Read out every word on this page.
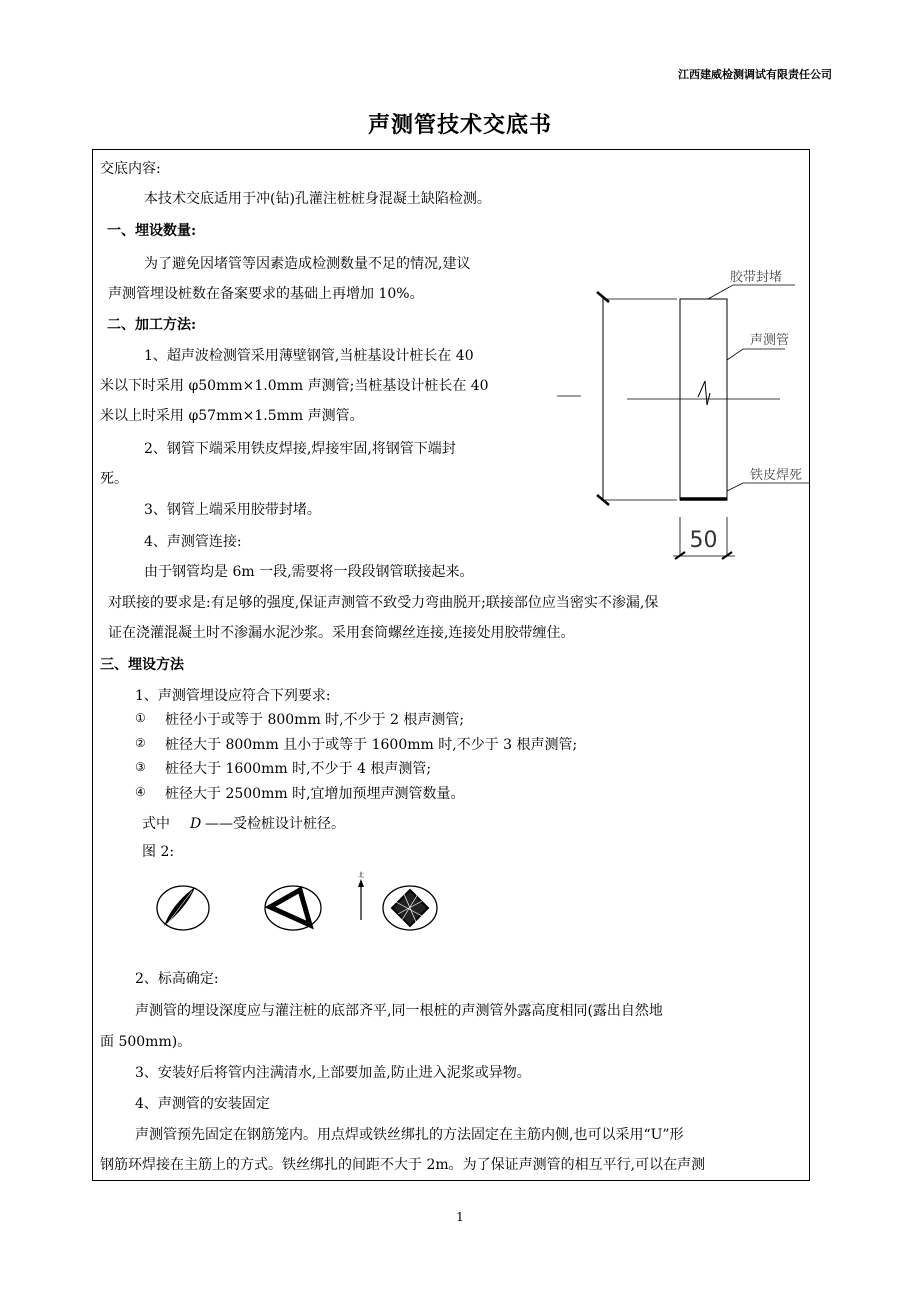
江西建威检测调试有限责任公司
声测管技术交底书
交底内容:
本技术交底适用于冲(钻)孔灌注桩桩身混凝土缺陷检测。
一、埋设数量:
为了避免因堵管等因素造成检测数量不足的情况,建议
声测管埋设桩数在备案要求的基础上再增加 10%。
二、加工方法:
1、超声波检测管采用薄壁钢管,当桩基设计桩长在 40
米以下时采用 φ50mm×1.0mm 声测管;当桩基设计桩长在 40
米以上时采用 φ57mm×1.5mm 声测管。
2、钢管下端采用铁皮焊接,焊接牢固,将钢管下端封
死。
3、钢管上端采用胶带封堵。
4、声测管连接:
由于钢管均是 6m 一段,需要将一段段钢管联接起来。
对联接的要求是:有足够的强度,保证声测管不致受力弯曲脱开;联接部位应当密实不渗漏,保
证在浇灌混凝土时不渗漏水泥沙浆。采用套筒螺丝连接,连接处用胶带缠住。
三、埋设方法
1、声测管埋设应符合下列要求:
① 桩径小于或等于 800mm 时,不少于 2 根声测管;
② 桩径大于 800mm 且小于或等于 1600mm 时,不少于 3 根声测管;
③ 桩径大于 1600mm 时,不少于 4 根声测管;
④ 桩径大于 2500mm 时,宜增加预埋声测管数量。
式中 D ——受检桩设计桩径。
图 2:
北
2、标高确定:
声测管的埋设深度应与灌注桩的底部齐平,同一根桩的声测管外露高度相同(露出自然地
面 500mm)。
3、安装好后将管内注满清水,上部要加盖,防止进入泥浆或异物。
4、声测管的安装固定
声测管预先固定在钢筋笼内。用点焊或铁丝绑扎的方法固定在主筋内侧,也可以采用“U”形
钢筋环焊接在主筋上的方式。铁丝绑扎的间距不大于 2m。为了保证声测管的相互平行,可以在声测
胶带封堵
声测管
铁皮焊死
50
1
